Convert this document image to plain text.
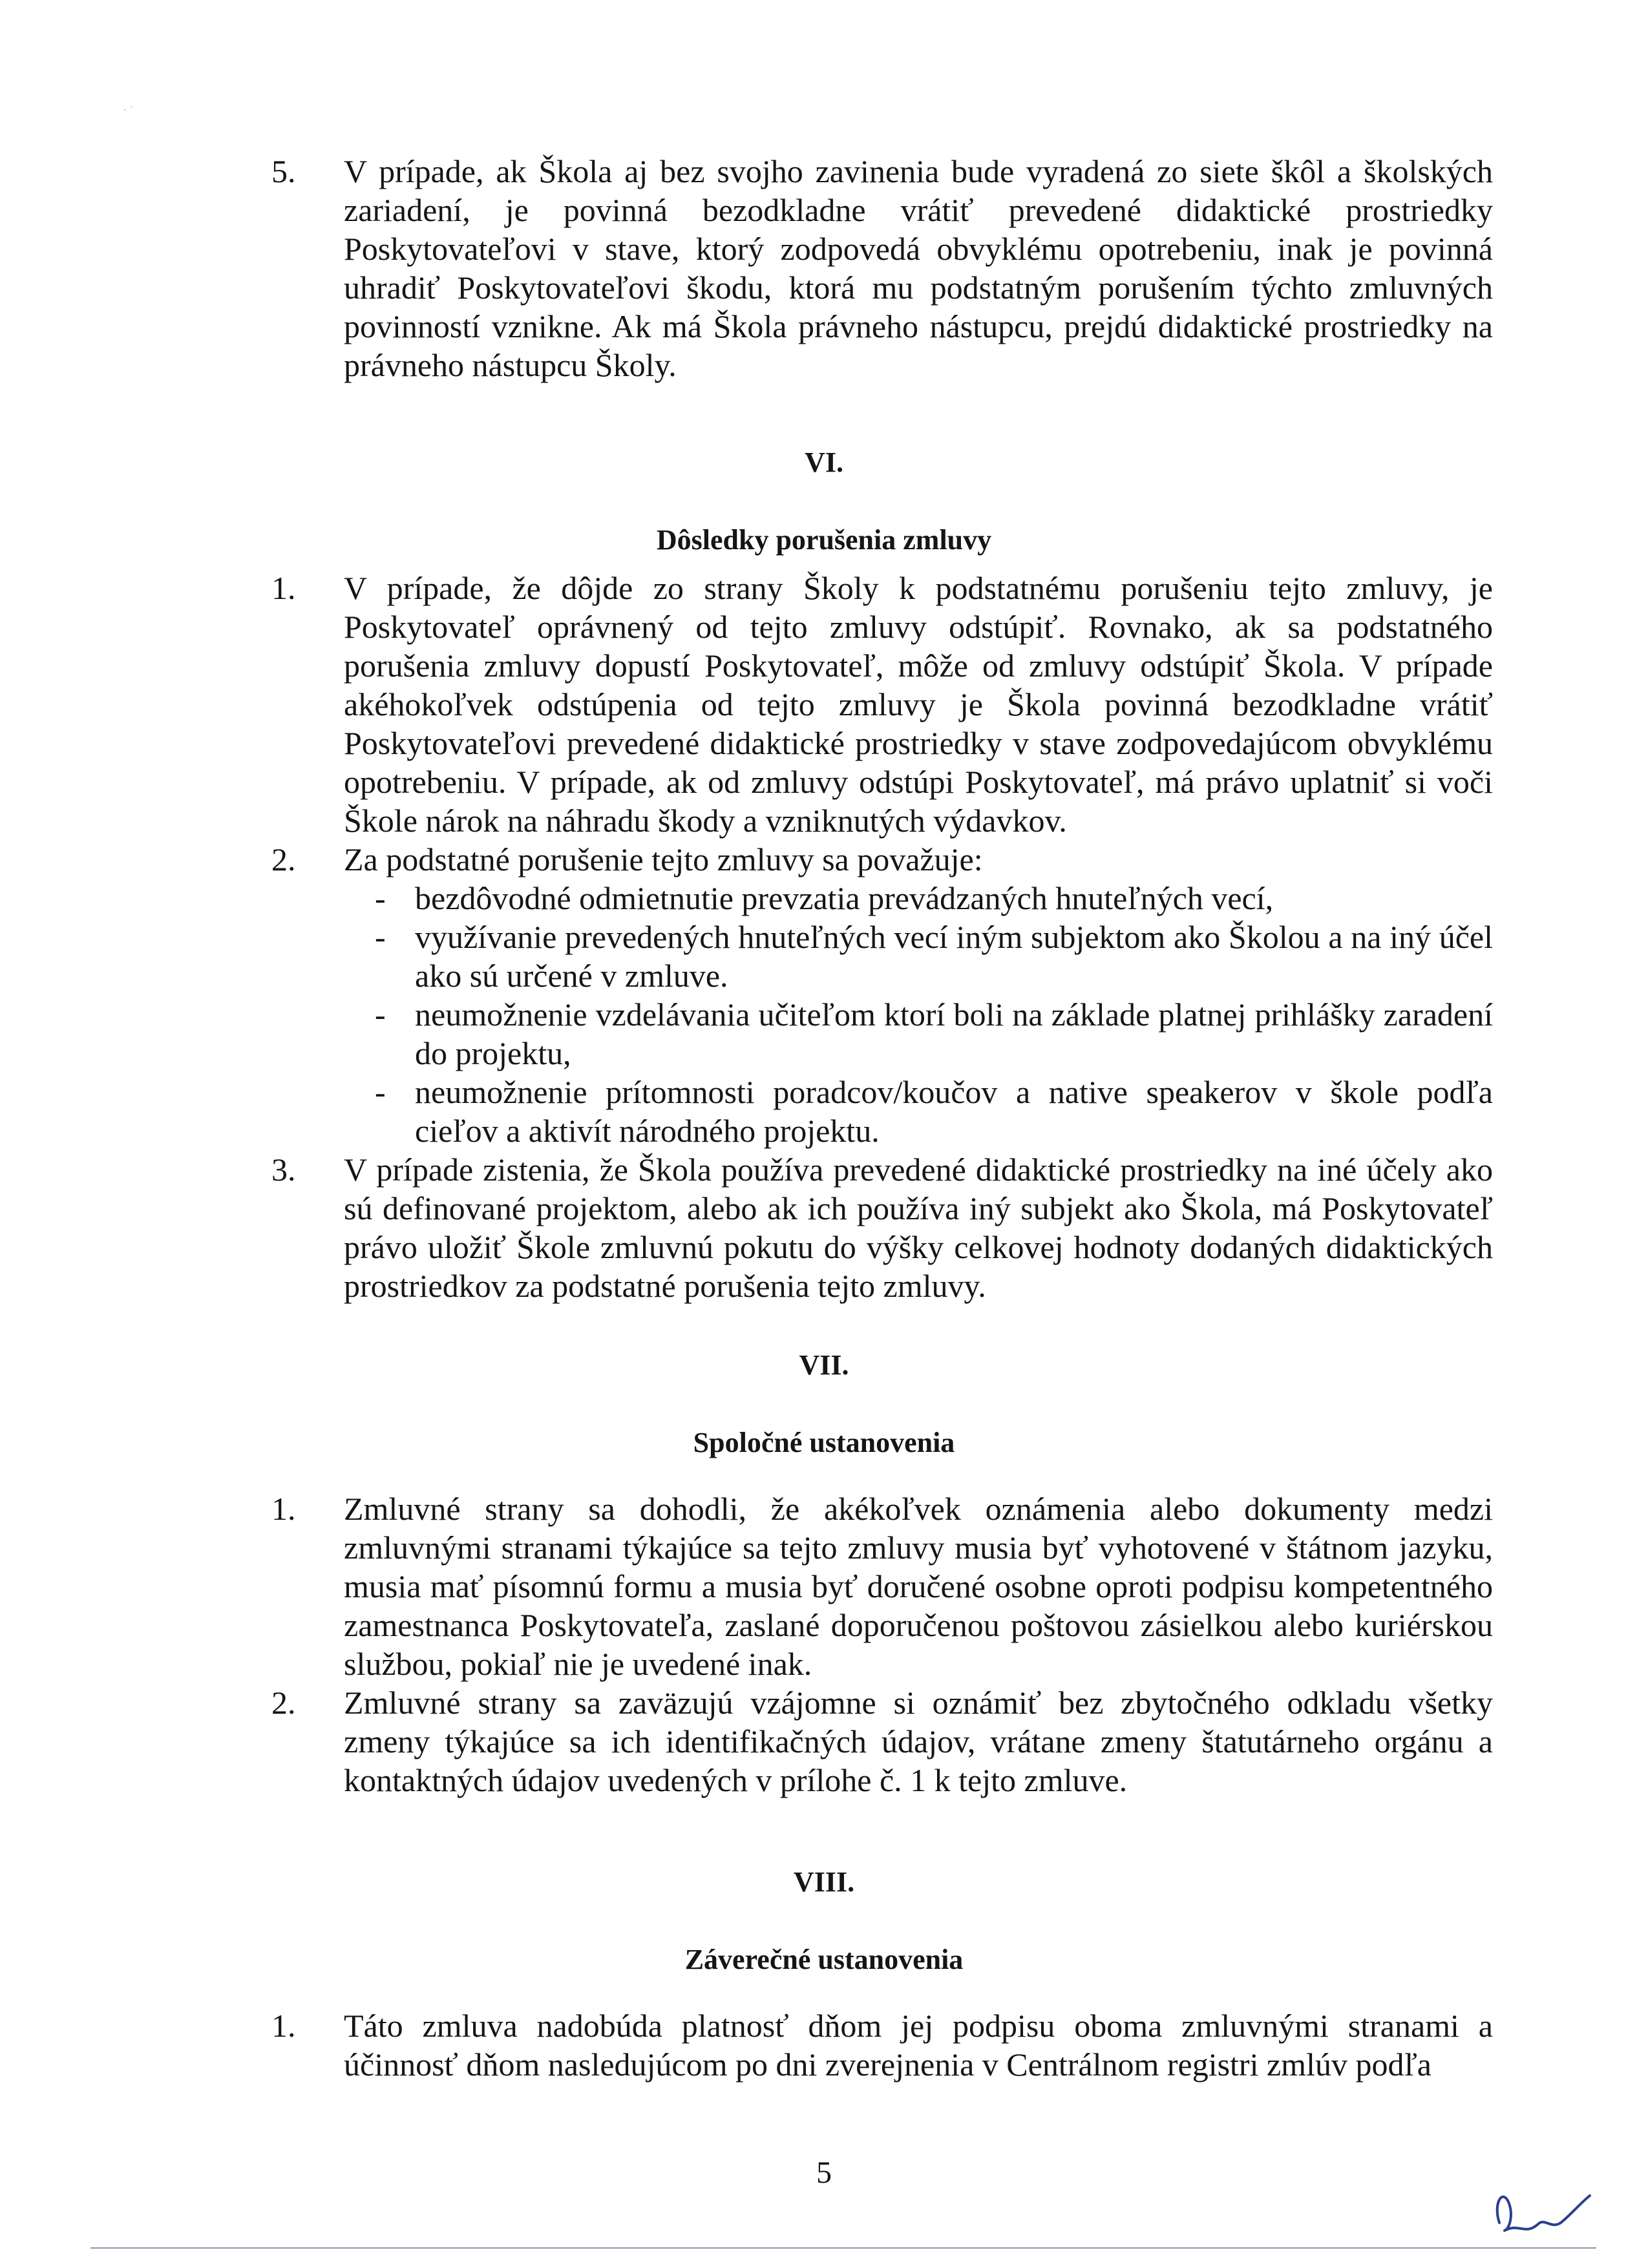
· ˙
5. V prípade, ak Škola aj bez svojho zavinenia bude vyradená zo siete škôl a školských zariadení, je povinná bezodkladne vrátiť prevedené didaktické prostriedky Poskytovateľovi v stave, ktorý zodpovedá obvyklému opotrebeniu, inak je povinná uhradiť Poskytovateľovi škodu, ktorá mu podstatným porušením týchto zmluvných povinností vznikne. Ak má Škola právneho nástupcu, prejdú didaktické prostriedky na právneho nástupcu Školy.
VI.
Dôsledky porušenia zmluvy
1. V prípade, že dôjde zo strany Školy k podstatnému porušeniu tejto zmluvy, je Poskytovateľ oprávnený od tejto zmluvy odstúpiť. Rovnako, ak sa podstatného porušenia zmluvy dopustí Poskytovateľ, môže od zmluvy odstúpiť Škola. V prípade akéhokoľvek odstúpenia od tejto zmluvy je Škola povinná bezodkladne vrátiť Poskytovateľovi prevedené didaktické prostriedky v stave zodpovedajúcom obvyklému opotrebeniu. V prípade, ak od zmluvy odstúpi Poskytovateľ, má právo uplatniť si voči Škole nárok na náhradu škody a vzniknutých výdavkov.
2. Za podstatné porušenie tejto zmluvy sa považuje:
- bezdôvodné odmietnutie prevzatia prevádzaných hnuteľných vecí,
- využívanie prevedených hnuteľných vecí iným subjektom ako Školou a na iný účel ako sú určené v zmluve.
- neumožnenie vzdelávania učiteľom ktorí boli na základe platnej prihlášky zaradení do projektu,
- neumožnenie prítomnosti poradcov/koučov a native speakerov v škole podľa cieľov a aktivít národného projektu.
3. V prípade zistenia, že Škola používa prevedené didaktické prostriedky na iné účely ako sú definované projektom, alebo ak ich používa iný subjekt ako Škola, má Poskytovateľ právo uložiť Škole zmluvnú pokutu do výšky celkovej hodnoty dodaných didaktických prostriedkov za podstatné porušenia tejto zmluvy.
VII.
Spoločné ustanovenia
1. Zmluvné strany sa dohodli, že akékoľvek oznámenia alebo dokumenty medzi zmluvnými stranami týkajúce sa tejto zmluvy musia byť vyhotovené v štátnom jazyku, musia mať písomnú formu a musia byť doručené osobne oproti podpisu kompetentného zamestnanca Poskytovateľa, zaslané doporučenou poštovou zásielkou alebo kuriérskou službou, pokiaľ nie je uvedené inak.
2. Zmluvné strany sa zaväzujú vzájomne si oznámiť bez zbytočného odkladu všetky zmeny týkajúce sa ich identifikačných údajov, vrátane zmeny štatutárneho orgánu a kontaktných údajov uvedených v prílohe č. 1 k tejto zmluve.
VIII.
Záverečné ustanovenia
1. Táto zmluva nadobúda platnosť dňom jej podpisu oboma zmluvnými stranami a účinnosť dňom nasledujúcom po dni zverejnenia v Centrálnom registri zmlúv podľa
5
